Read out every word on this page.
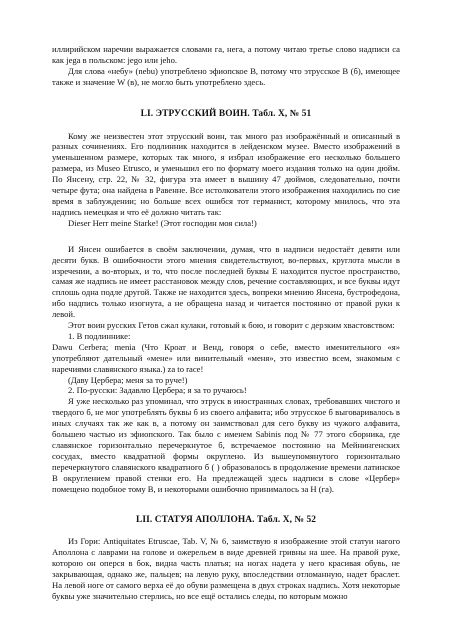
иллирийском наречии выражается словами га, нега, а потому читаю третье слово надписи са как jega в польском: jego или jeho.

Для слова «небу» (nebu) употреблено эфиопское В, потому что этрусское В (б), имеющее также и значение W (в), не могло быть употреблено здесь.

LI. ЭТРУССКИЙ ВОИН. Табл. X, № 51

Кому же неизвестен этот этрусский воин, так много раз изображённый и описанный в разных сочинениях. Его подлинник находится в лейденском музее. Вместо изображений в уменьшенном размере, которых так много, я избрал изображение его несколько большего размера, из Museo Etrusco, и уменьшил его по формату моего издания только на один дюйм. По Янсену, стр. 22, № 32, фигура эта имеет в вышину 47 дюймов, следовательно, почти четыре фута; она найдена в Равенне. Все истолкователи этого изображения находились по сие время в заблуждении; но больше всех ошибся тот германист, которому мнилось, что эта надпись немецкая и что её должно читать так:

Dieser Herr meine Starke! (Этот господин моя сила!)

И Янсен ошибается в своём заключении, думая, что в надписи недостаёт девяти или десяти букв. В ошибочности этого мнения свидетельствуют, во-первых, круглота мысли в изречении, а во-вторых, и то, что после последней буквы Е находится пустое пространство, самая же надпись не имеет расстановок между слов, речение составляющих, и все буквы идут сплошь одна подле другой. Также не находится здесь, вопреки мнению Янсена, бустрофедона, ибо надпись только изогнута, а не обращена назад и читается постоянно от правой руки к левой.

Этот воин русских Гетов сжал кулаки, готовый к бою, и говорит с дерзким хвастовством:

1. В подлиннике:

Dawu Cerbera; menia (Что Кроат и Венд, говоря о себе, вместо именительного «я» употребляют дательный «мене» или винительный «меня», это известно всем, знакомым с наречиями славянского языка.) za to race!

(Даву Цербера; меня за то руче!)

2. По-русски: Задавлю Цербера; я за то ручаюсь!

Я уже несколько раз упоминал, что этруск в иностранных словах, требовавших чистого и твердого б, не мог употреблять буквы б из своего алфавита; ибо этрусское б выговаривалось в иных случаях так же как в, а потому он заимствовал для сего букву из чужого алфавита, большею частью из эфиопского. Так было с именем Sabinis под № 77 этого сборника, где славянское горизонтально перечеркнутое б, встречаемое постоянно на Мейнингенских сосудах, вместо квадратной формы округлено. Из вышеупомянутого горизонтально перечеркнутого славянского квадратного б ( ) образовалось в продолжение времени латинское В округлением правой стенки его. На предлежащей здесь надписи в слове «Цербер» помещено подобное тому В, и некоторыми ошибочно принималось за Н (га).

LII. СТАТУЯ АПОЛЛОНА. Табл. X, № 52

Из Гори: Antiquitates Etruscae, Tab. V, № 6, заимствую я изображение этой статуи нагого Аполлона с лаврами на голове и ожерельем в виде древней гривны на шее. На правой руке, которою он оперся в бок, видна часть платья; на ногах надета у него красивая обувь, не закрывающая, однако же, пальцев; на левую руку, впоследствии отломанную, надет браслет. На левой ноге от самого верха её до обуви размещена в двух строках надпись. Хотя некоторые буквы уже значительно стерлись, но все ещё остались следы, по которым можно
